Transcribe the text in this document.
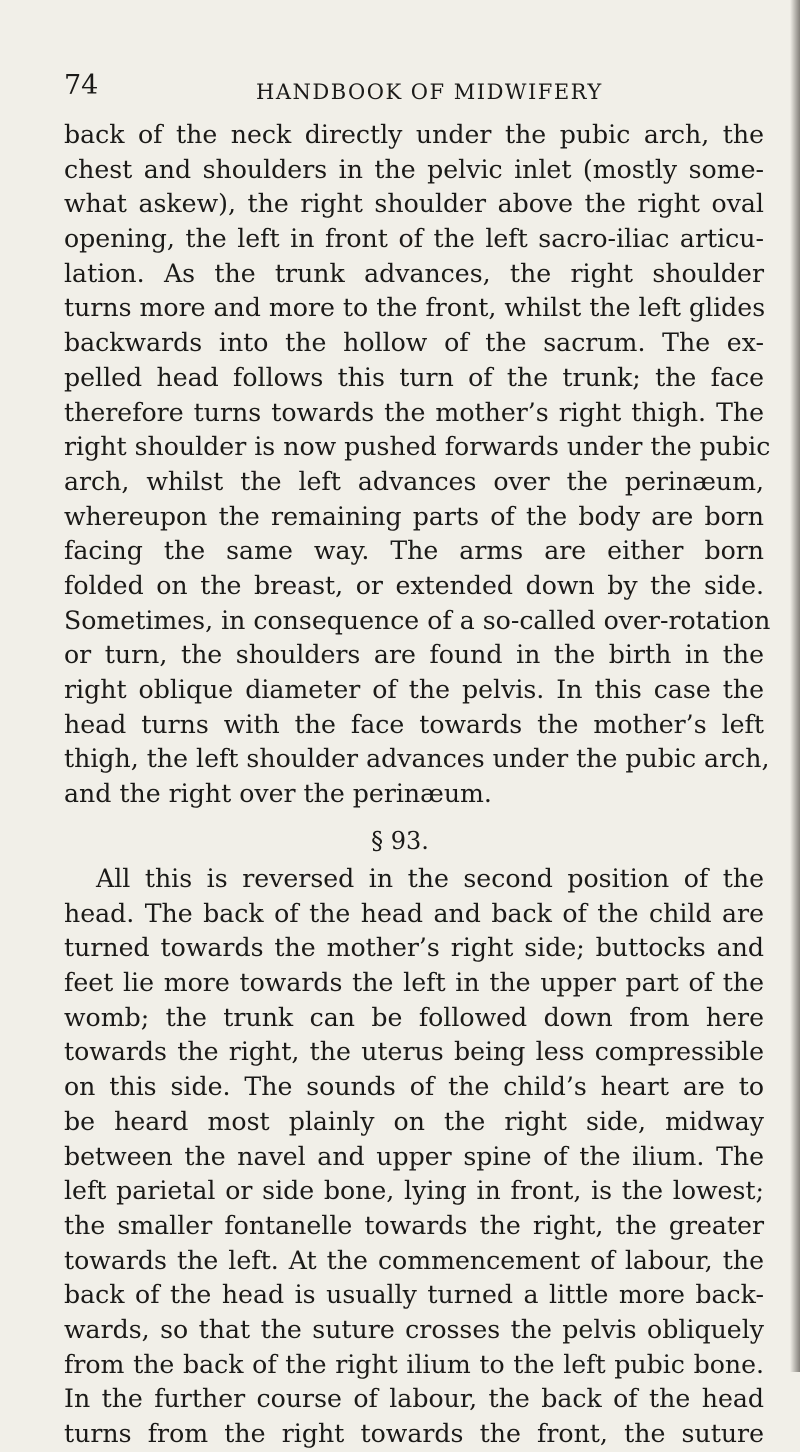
74	HANDBOOK OF MIDWIFERY
back of the neck directly under the pubic arch, the
chest and shoulders in the pelvic inlet (mostly some-
what askew), the right shoulder above the right oval
opening, the left in front of the left sacro-iliac articu-
lation. As the trunk advances, the right shoulder
turns more and more to the front, whilst the left glides
backwards into the hollow of the sacrum. The ex-
pelled head follows this turn of the trunk; the face
therefore turns towards the mother’s right thigh. The
right shoulder is now pushed forwards under the pubic
arch, whilst the left advances over the perinæum,
whereupon the remaining parts of the body are born
facing the same way. The arms are either born
folded on the breast, or extended down by the side.
Sometimes, in consequence of a so-called over-rotation
or turn, the shoulders are found in the birth in the
right oblique diameter of the pelvis. In this case the
head turns with the face towards the mother’s left
thigh, the left shoulder advances under the pubic arch,
and the right over the perinæum.
§ 93.
All this is reversed in the second position of the
head. The back of the head and back of the child are
turned towards the mother’s right side; buttocks and
feet lie more towards the left in the upper part of the
womb; the trunk can be followed down from here
towards the right, the uterus being less compressible
on this side. The sounds of the child’s heart are to
be heard most plainly on the right side, midway
between the navel and upper spine of the ilium. The
left parietal or side bone, lying in front, is the lowest;
the smaller fontanelle towards the right, the greater
towards the left. At the commencement of labour, the
back of the head is usually turned a little more back-
wards, so that the suture crosses the pelvis obliquely
from the back of the right ilium to the left pubic bone.
In the further course of labour, the back of the head
turns from the right towards the front, the suture
